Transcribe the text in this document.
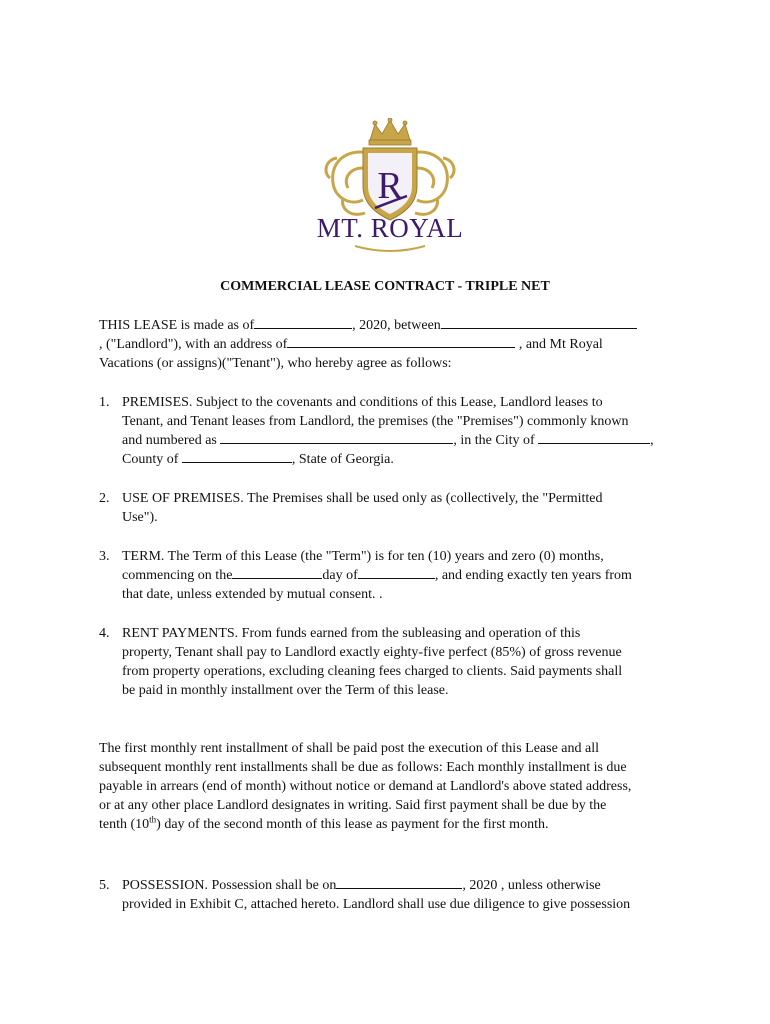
R
MT. ROYAL
COMMERCIAL LEASE CONTRACT - TRIPLE NET
THIS LEASE is made as of	, 2020, between
, ("Landlord"), with an address of	, and Mt Royal
Vacations (or assigns)("Tenant"), who hereby agree as follows:
1. PREMISES. Subject to the covenants and conditions of this Lease, Landlord leases to
Tenant, and Tenant leases from Landlord, the premises (the "Premises") commonly known
and numbered as	, in the City of	,
County of	, State of Georgia.
2. USE OF PREMISES. The Premises shall be used only as (collectively, the "Permitted
Use").
3. TERM. The Term of this Lease (the "Term") is for ten (10) years and zero (0) months,
commencing on the	day of	, and ending exactly ten years from
that date, unless extended by mutual consent. .
4. RENT PAYMENTS. From funds earned from the subleasing and operation of this
property, Tenant shall pay to Landlord exactly eighty-five perfect (85%) of gross revenue
from property operations, excluding cleaning fees charged to clients. Said payments shall
be paid in monthly installment over the Term of this lease.
The first monthly rent installment of shall be paid post the execution of this Lease and all
subsequent monthly rent installments shall be due as follows: Each monthly installment is due
payable in arrears (end of month) without notice or demand at Landlord's above stated address,
or at any other place Landlord designates in writing. Said first payment shall be due by the
tenth (10th) day of the second month of this lease as payment for the first month.
5. POSSESSION. Possession shall be on	, 2020 , unless otherwise
provided in Exhibit C, attached hereto. Landlord shall use due diligence to give possession
